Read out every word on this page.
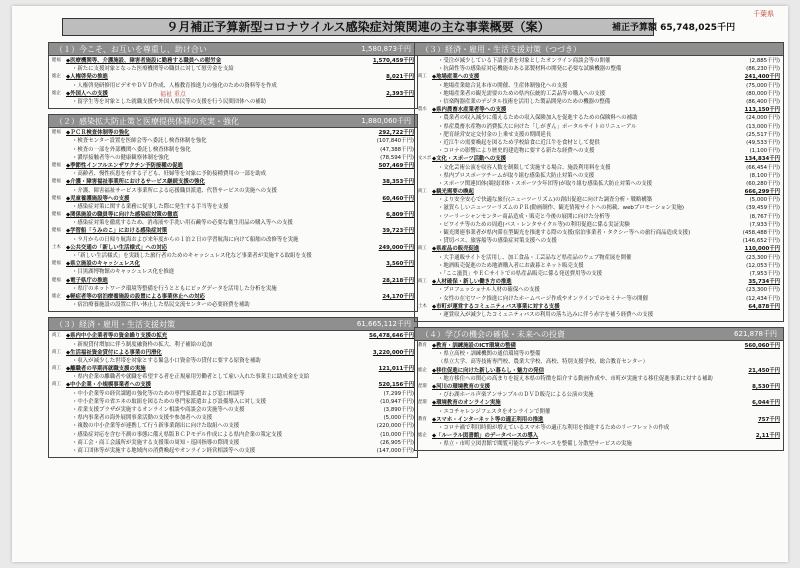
千葉県
９月補正予算新型コロナウイルス感染症対策関連の主な事業概要（案）	補正予算額 65,748,025千円
福祉 重点
（１）今こそ、お互いを尊重し、助け合い	1,580,873千円
健福 ◆医療機関等、介護施設、障害者施設に勤務する職員への慰労金	1,570,459千円
・新たに支援対象となった医療機関等の職員に対して慰労金を支給
総企 ◆人権啓発の推進	8,021千円
・人権啓発研修用ビデオやＤＶＤ作成、人権教育推進力の強化のための資料等を作成
総企 ◆外国人への支援	2,393千円
・留学生等を対象とした就職支援や外国人県民等の支援を行う民間団体への補助
（２）感染拡大防止策と医療提供体制の充実・強化	1,880,060千円
健福 ◆ＰＣＲ検査体制等の強化	292,722千円
・検査センター設置を医師会等へ委託し検査体制を強化	(107,840千円)
・検査の一部を外部機関へ委託し検査体制を強化	(47,388千円)
・濃厚接触者等への健康観察体制を強化	(78,594千円)
健福 ◆季節性インフルエンザワクチン予防接種の促進	507,469千円
・高齢者、慢性疾患を有する子ども、妊婦等を対象に予防接種費用の一部を助成
健福 ◆介護・障害福祉事業所におけるサービス継続支援の強化	38,353千円
・介護、障害福祉サービス事業所による応援職員派遣、代替サービスの実施への支援
健福 ◆児童養護施設等への支援	60,460千円
・感染症対策に関する業務に従事した際に発生する手当等を支援
健福 ◆関係施設の職員等に向けた感染症対策の徹底	6,809千円
・感染症対策を徹底するため、消毒液や手洗い用石鹸等の必要な衛生用品の購入等への支援
健福 ◆学習船「うみのこ」における感染症対策	39,723千円
・９月からの日帰り航海および来年度からの１泊２日の学習航海に向けて船舶の改修等を実施
土木 ◆公共交通の「新しい生活様式」への対応	249,000千円
・「新しい生活様式」を実践した旅行者のためのキャッシュレス化など事業者が実施する取組を支援
健福 ◆県立施設のキャッシュレス化	3,560千円
・目黒湖博物館のキャッシュレス化を推進
健福 ◆電子県庁の推進	28,218千円
・県庁のネットワーク環境等整備を行うとともにビッグデータを活用した分析を実施
総企 ◆軽症者等の宿泊療養施設の設置による事業休止への対応	24,170千円
・宿泊療養施設の設置に伴い休止した県民交流センターの必要経費を補助
（３）経済・雇用・生活支援対策	61,665,112千円
商工 ◆県内中小企業者等の資金繰り支援の拡充	56,478,646千円
・新規貸付増加に伴う制度融資枠の拡大、利子補給の追加
商工 ◆生活福祉資金貸付による事業の円滑化	3,220,000千円
・収入が減少した世帯を対象とする緊急小口資金等の貸付に要する原資を補助
商工 ◆離職者の早期再就職支援の実施	121,011千円
・県内企業の離職者や就職を希望する者を正規雇用労働者として雇い入れた事業主に助成金を支給
商工 ◆中小企業・小規模事業者への支援	520,156千円
・中小企業等の経営課題の強化等のための専門家派遣および窓口相談等	(7,299千円)
・中小企業等の省エネの取組を図るための専門家派遣および設備導入に対し支援	(10,947千円)
・産業支援プラザが実施するオンライン相談や商談会の実施等への支援	(3,890千円)
・県内事業者の海外展開事業活動の支援や参加者への支援	(5,000千円)
・複数の中小企業等が連携して行う新事業創出に向けた取組への支援	(220,000千円)
・感染症対応を含む不測の事態に備え県版ＢＣＰモデル作成による県内企業の策定支援	(10,000千円)
・商工会・商工会議所が実施する支援策の周知・巡回指導の際間支援	(26,905千円)
・商工団体等が実施する地域内の消費喚起やオンライン経営相談等への支援	(147,000千円)
（３）経済・雇用・生活支援対策（つづき）
・受注が減少している下請企業を対象としたオンライン商談会等の開催	(2,885千円)
・抗菌性等の感染症対応機能のある部製材料の開発に必要な試験機器の整備	(86,230千円)
商工 ◆地場産業への支援	241,400千円
・地場産業総合見本市の開催、生産体制強化への支援	(75,000千円)
・地場産業者の観光需要のための県内伝統的工芸品等の購入への支援	(80,000千円)
・信楽陶器産業のデジタル技術を活用した製品開発のための機器の整備	(86,400千円)
農水 ◆県内農畜水産業者等への支援	113,150千円
・農業者の収入減少に備えるための収入保険加入を促進するための保険料への補助	(24,000千円)
・県産農畜水産物の消費拡大に向けた「しがぎん」ポータルサイトのリニューアル	(13,000千円)
・肥育経営安定交付金の上乗せ支援の期間延長	(25,517千円)
・近江牛の需要喚起を図るため学校給食に近江牛を食材として提供	(49,533千円)
・コロナの影響により歴史的建造物に要する新たな経費への支援	(1,100千円)
文スポ ◆文化・スポーツ活動への支援	134,834千円
・文化芸術公演を収容人数を制限して実施する場合、施設利用料を支援	(66,454千円)
・県内プロスポーツチームが取り組む感染拡大防止対策への支援	(8,100千円)
・スポーツ関連団体(競技団体・スポーツ少年団等)が取り組む感染拡大防止対策への支援	(60,280千円)
商工 ◆観光需要の喚起	666,299千円
・より安全安心で快適な旅行(ニューツーリズム)の創出促進に向けた調査分析・戦略構築	(5,000千円)
・滋賀らしいニューツーリズムのＰＲ(動画制作、観光情報サイトへの掲載、webプロモーション実施)	(39,459千円)
・ツーリーシャンセンター商品造成・販売と今後の展開に向けた分析等	(8,767千円)
・ビワイチ等のための周遊(バス・レンタサイクル等)の利用促進に係る実証実験	(7,933千円)
・観光関連事業者が県内滞在型観光を推進する際の支援(宿泊事業者・タクシー等への旅行商品造成支援)	(458,488千円)
・貸切バス、旅客船等の感染症対策支援への支援	(146,652千円)
商工 ◆県産品の販売促進	110,000千円
・大手通販サイトを活用し、加工食品・工芸品など県産品のウェブ物産展を開催	(23,300千円)
・地酒販売促進のため地酒購入者にお歳暮とネット販売支援	(12,053千円)
・「ここ滋賀」やＥＣサイトでの県産品販売に係る発送費用等の支援	(7,953千円)
商工 ◆人材確保・新しい働き方の推進	35,734千円
・プロフェッショナル人材の確保への支援	(23,300千円)
・女性の在宅ワーク推進に向けたホームページ作成やオンラインでのセミナー等の開催	(12,434千円)
土木 ◆市町が運営するコミュニティバス事業に対する支援	64,878千円
・運賃収入が減少したコミュニティバスの利用の落ち込みに伴う赤字を補う経費への支援
（４）学びの機会の確保・未来への投資	621,878千円
教育 ◆教育・訓練施設のICT環境の整備	560,060千円
・県立高校・訓練機関の通信環境等の整備
（県立大学、高等技術専門校、農業大学校、高校、特別支援学校、総合教育センター）
総企 ◆移住促進に向けた新しい暮らし・魅力の発信	21,450千円
・地方移住への関心の高まりを捉え本県の特徴を紹介する動画作成や、市町が実施する移住促進事業に対する補助
琵環 ◆河川の環境教育の支援	8,530千円
・びわ湖ホール声楽アンサンブルのＤＶＤ販売による公演の実施
琵環 ◆環境教育のオンライン実施	6,044千円
・エコチャレンジフェスタをオンラインで開催
教育 ◆スマホ・インターネット等の適正利用の推進	757千円
・コロナ禍で利用時間が増えているスマホ等の適正な利用を推進するためのリーフレットの作成
総企 ◆「ルーラル図書館」のデータベースの導入	2,11千円
・県立・市町立図書館で閲覧可能なデータベースを整備し分散型サービスの実施
